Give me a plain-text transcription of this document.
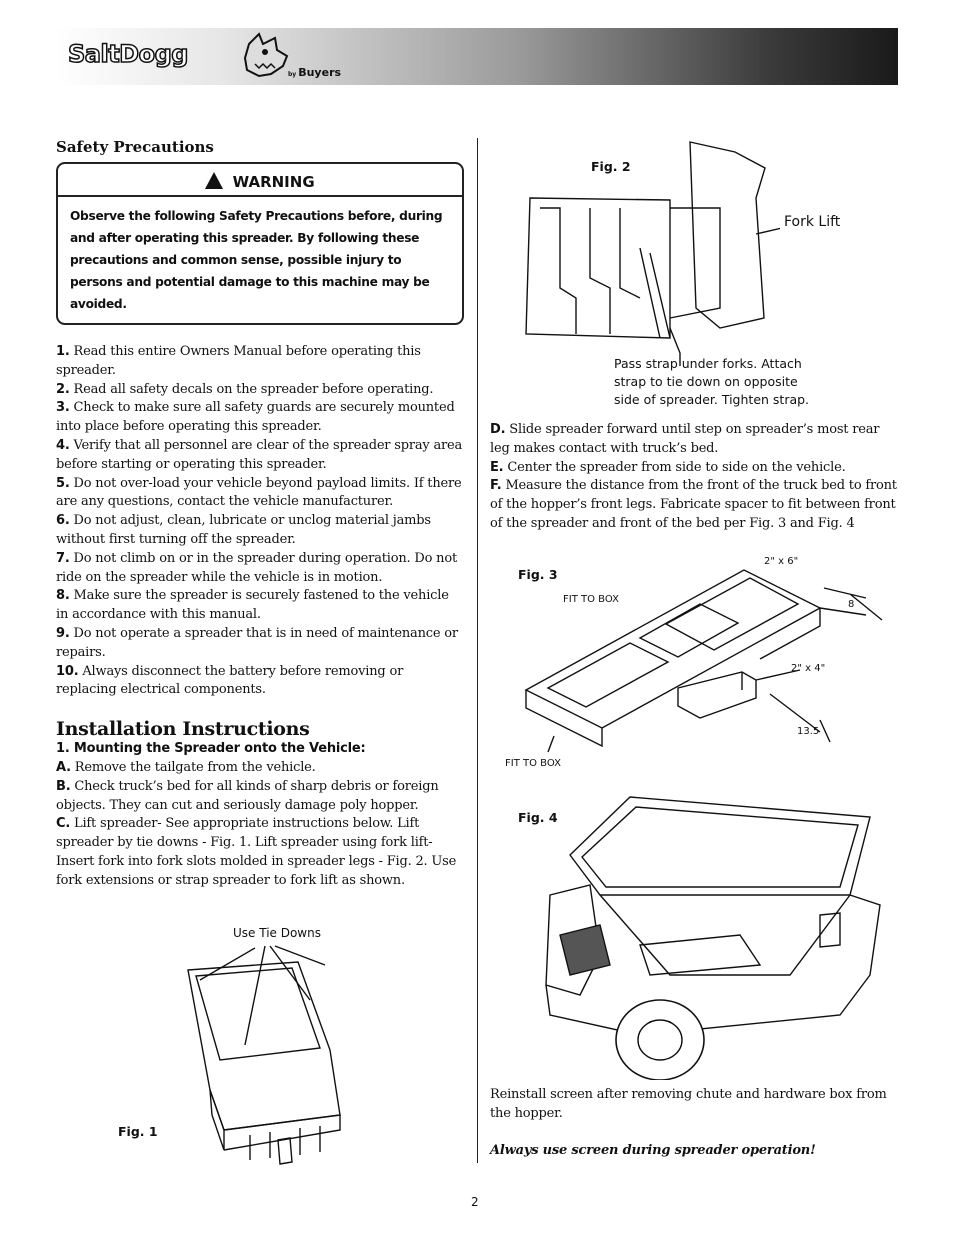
SaltDogg
by Buyers
Safety Precautions
WARNING
Observe the following Safety Precautions before, during and after operating this spreader. By following these precautions and common sense, possible injury to persons and potential damage to this machine may be avoided.

1. Read this entire Owners Manual before operating this spreader.

2. Read all safety decals on the spreader before operating.

3. Check to make sure all safety guards are securely mounted into place before operating this spreader.

4. Verify that all personnel are clear of the spreader spray area before starting or operating this spreader.

5. Do not over-load your vehicle beyond payload limits. If there are any questions, contact the vehicle manufacturer.

6. Do not adjust, clean, lubricate or unclog material jambs without first turning off the spreader.

7. Do not climb on or in the spreader during operation. Do not ride on the spreader while the vehicle is in motion.

8. Make sure the spreader is securely fastened to the vehicle in accordance with this manual.

9. Do not operate a spreader that is in need of maintenance or repairs.

10. Always disconnect the battery before removing or replacing electrical components.

Installation Instructions

1. Mounting the Spreader onto the Vehicle:

A. Remove the tailgate from the vehicle.

B. Check truck’s bed for all kinds of sharp debris or foreign objects. They can cut and seriously damage poly hopper.

C. Lift spreader- See appropriate instructions below. Lift spreader by tie downs - Fig. 1. Lift spreader using fork lift- Insert fork into fork slots molded in spreader legs - Fig. 2. Use fork extensions or strap spreader to fork lift as shown.

Use Tie Downs
Fig. 1
Fig. 2
Fork Lift
Pass strap under forks. Attach strap to tie down on opposite side of spreader. Tighten strap.

D. Slide spreader forward until step on spreader’s most rear leg makes contact with truck’s bed.

E. Center the spreader from side to side on the vehicle.

F. Measure the distance from the front of the truck bed to front of the hopper’s front legs. Fabricate spacer to fit between front of the spreader and front of the bed per Fig. 3 and Fig. 4

Fig. 3
FIT TO BOX
FIT TO BOX
2" x 6"
8
2" x 4"
13.5
Fig. 4
Reinstall screen after removing chute and hardware box from the hopper.
Always use screen during spreader operation!
2
